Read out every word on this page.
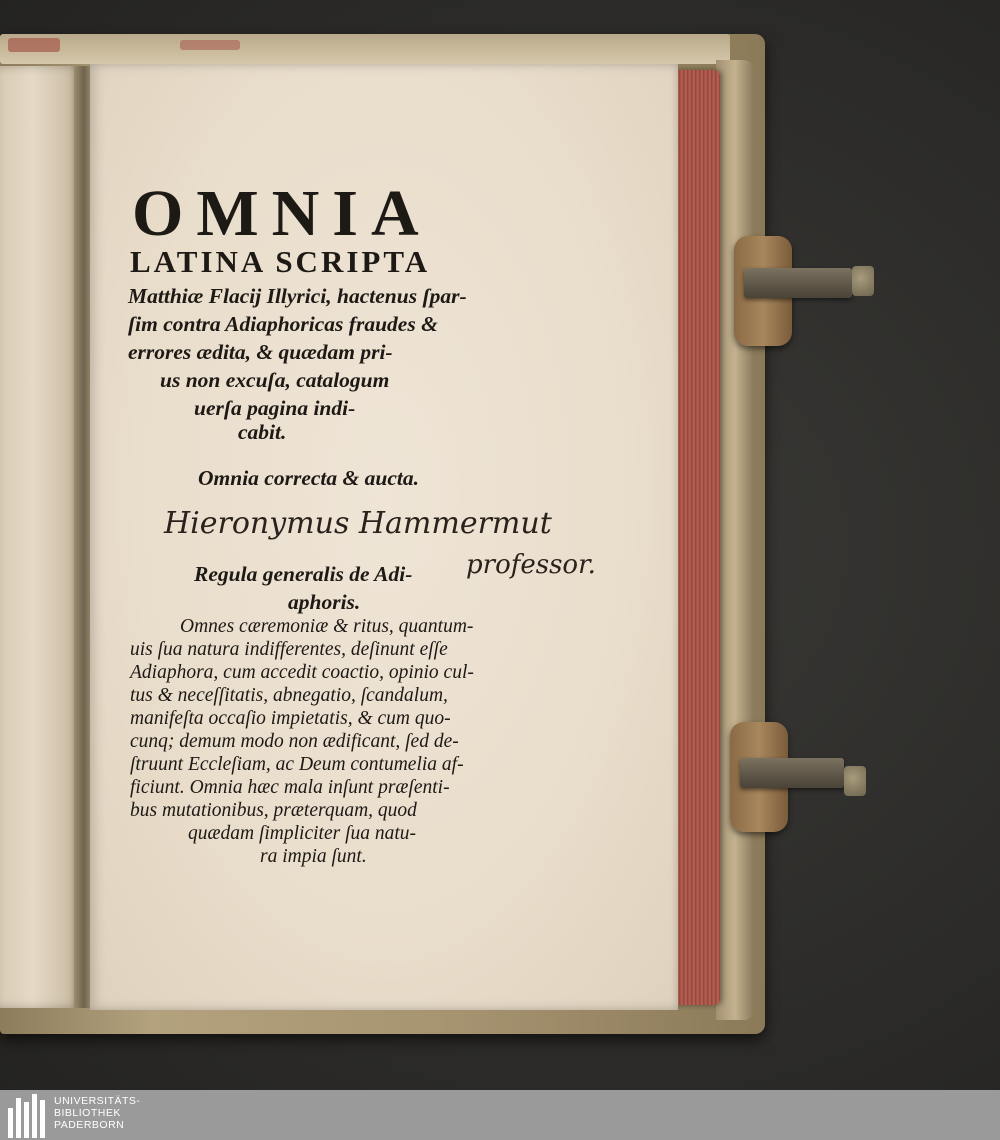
OMNIA
LATINA SCRIPTA
Matthiæ Flacij Illyrici, hactenus ſpar-
ſim contra Adiaphoricas fraudes &
errores ædita, & quædam pri-
us non excuſa, catalogum
uerſa pagina indi-
cabit.
Omnia correcta & aucta.
Hieronymus Hammermut
professor.
Regula generalis de Adi-
aphoris.
Omnes cæremoniæ & ritus, quantum-
uis ſua natura indifferentes, deſinunt eſſe
Adiaphora, cum accedit coactio, opinio cul-
tus & neceſſitatis, abnegatio, ſcandalum,
manifeſta occaſio impietatis, & cum quo-
cunq; demum modo non ædificant, ſed de-
ſtruunt Eccleſiam, ac Deum contumelia af-
ficiunt. Omnia hæc mala inſunt præſenti-
bus mutationibus, præterquam, quod
quædam ſimpliciter ſua natu-
ra impia ſunt.
UNIVERSITÄTS-
BIBLIOTHEK
PADERBORN
